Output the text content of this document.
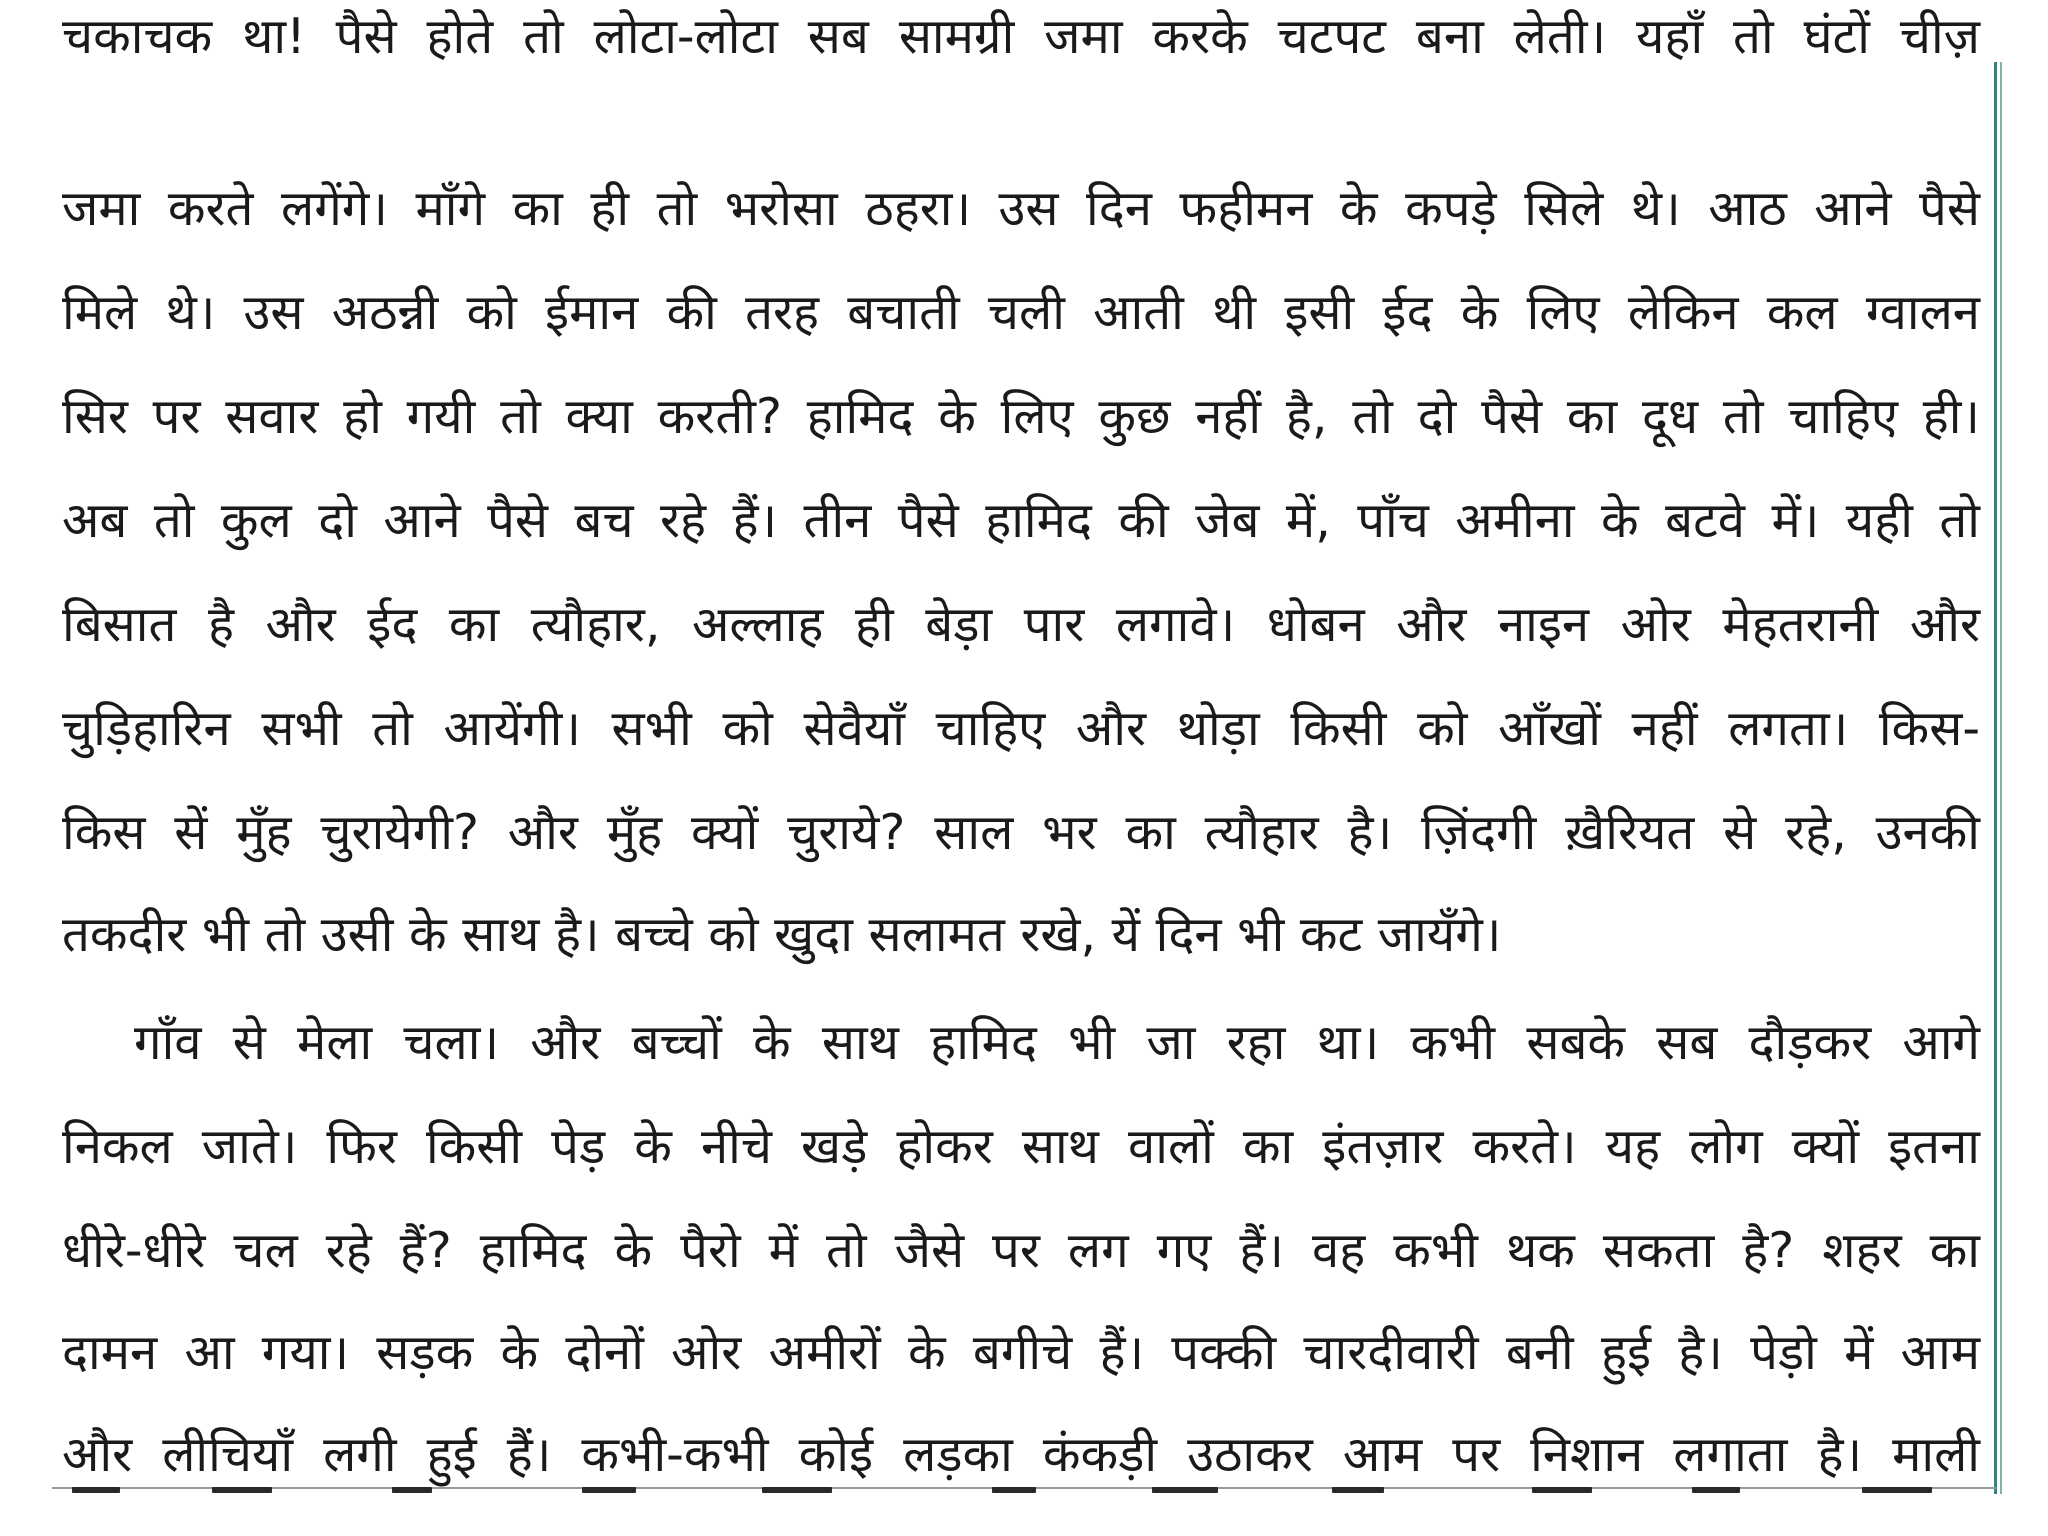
चकाचक था! पैसे होते तो लोटा-लोटा सब सामग्री जमा करके चटपट बना लेती। यहाँ तो घंटों चीज़
जमा करते लगेंगे। माँगे का ही तो भरोसा ठहरा। उस दिन फहीमन के कपड़े सिले थे। आठ आने पैसे
मिले थे। उस अठन्नी को ईमान की तरह बचाती चली आती थी इसी ईद के लिए लेकिन कल ग्वालन
सिर पर सवार हो गयी तो क्या करती? हामिद के लिए कुछ नहीं है, तो दो पैसे का दूध तो चाहिए ही।
अब तो कुल दो आने पैसे बच रहे हैं। तीन पैसे हामिद की जेब में, पाँच अमीना के बटवे में। यही तो
बिसात है और ईद का त्यौहार, अल्लाह ही बेड़ा पार लगावे। धोबन और नाइन ओर मेहतरानी और
चुड़िहारिन सभी तो आयेंगी। सभी को सेवैयाँ चाहिए और थोड़ा किसी को आँखों नहीं लगता। किस-
किस सें मुँह चुरायेगी? और मुँह क्यों चुराये? साल भर का त्यौहार है। ज़िंदगी ख़ैरियत से रहे, उनकी
तकदीर भी तो उसी के साथ है। बच्चे को खुदा सलामत रखे, यें दिन भी कट जायँगे।
गाँव से मेला चला। और बच्चों के साथ हामिद भी जा रहा था। कभी सबके सब दौड़कर आगे
निकल जाते। फिर किसी पेड़ के नीचे खड़े होकर साथ वालों का इंतज़ार करते। यह लोग क्यों इतना
धीरे-धीरे चल रहे हैं? हामिद के पैरो में तो जैसे पर लग गए हैं। वह कभी थक सकता है? शहर का
दामन आ गया। सड़क के दोनों ओर अमीरों के बगीचे हैं। पक्की चारदीवारी बनी हुई है। पेड़ो में आम
और लीचियाँ लगी हुई हैं। कभी-कभी कोई लड़का कंकड़ी उठाकर आम पर निशान लगाता है। माली
